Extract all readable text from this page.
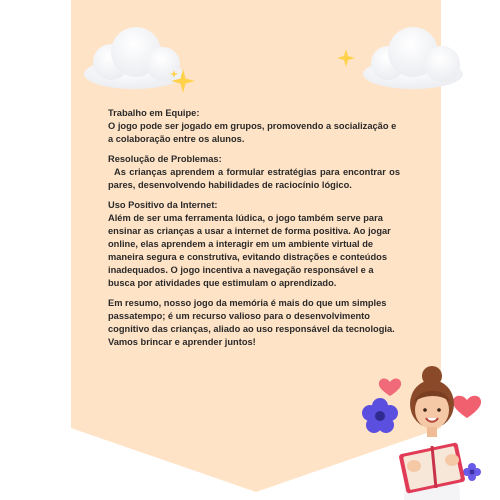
Trabalho em Equipe:
O jogo pode ser jogado em grupos, promovendo a socialização e a colaboração entre os alunos.
Resolução de Problemas:
As crianças aprendem a formular estratégias para encontrar os pares, desenvolvendo habilidades de raciocínio lógico.
Uso Positivo da Internet:
Além de ser uma ferramenta lúdica, o jogo também serve para ensinar as crianças a usar a internet de forma positiva. Ao jogar online, elas aprendem a interagir em um ambiente virtual de maneira segura e construtiva, evitando distrações e conteúdos inadequados. O jogo incentiva a navegação responsável e a busca por atividades que estimulam o aprendizado.
Em resumo, nosso jogo da memória é mais do que um simples passatempo; é um recurso valioso para o desenvolvimento cognitivo das crianças, aliado ao uso responsável da tecnologia. Vamos brincar e aprender juntos!
